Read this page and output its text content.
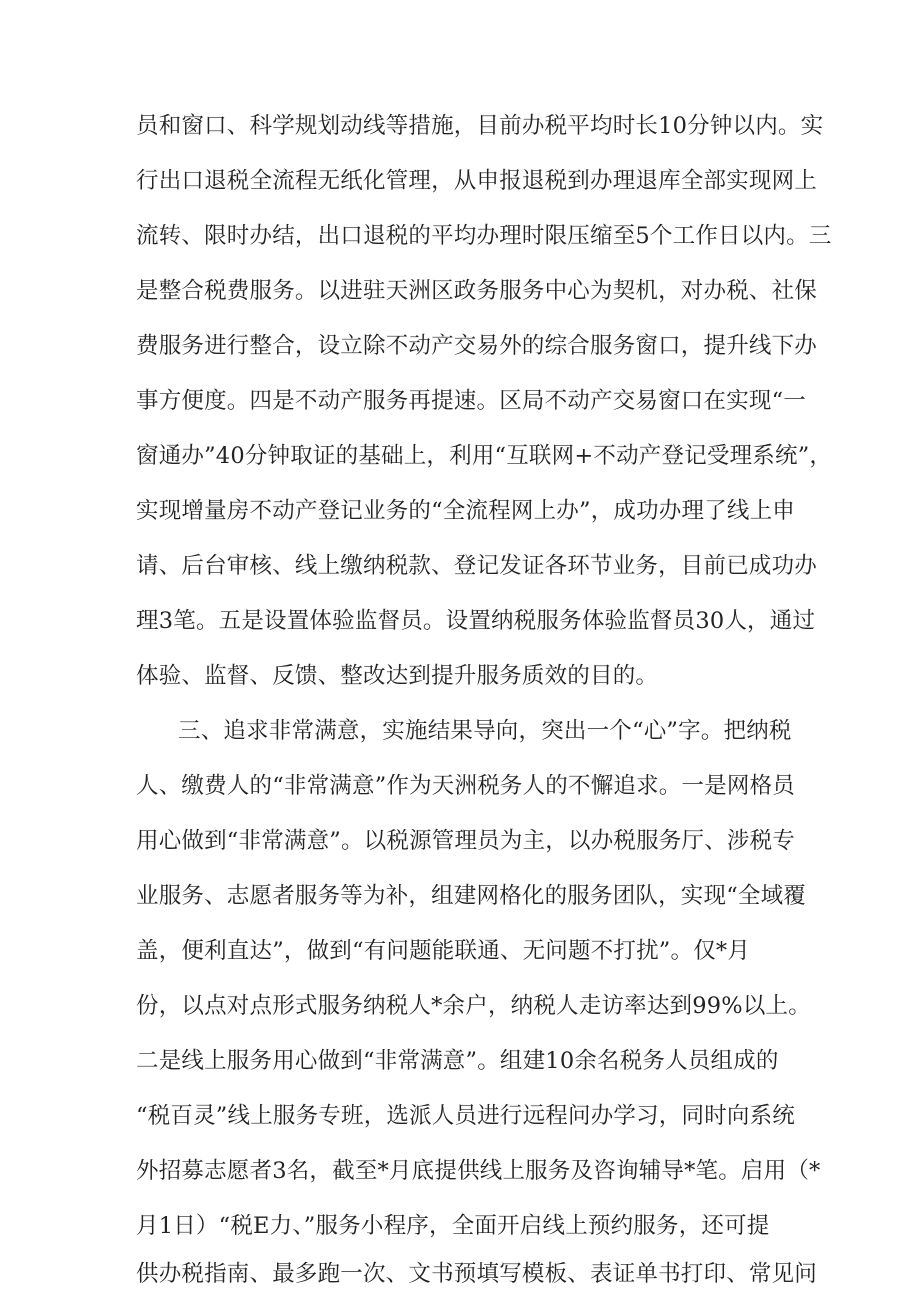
员和窗口、科学规划动线等措施，目前办税平均时长10分钟以内。实
行出口退税全流程无纸化管理，从申报退税到办理退库全部实现网上
流转、限时办结，出口退税的平均办理时限压缩至5个工作日以内。三
是整合税费服务。以进驻天洲区政务服务中心为契机，对办税、社保
费服务进行整合，设立除不动产交易外的综合服务窗口，提升线下办
事方便度。四是不动产服务再提速。区局不动产交易窗口在实现“一
窗通办”40分钟取证的基础上，利用“互联网+不动产登记受理系统”，
实现增量房不动产登记业务的“全流程网上办”，成功办理了线上申
请、后台审核、线上缴纳税款、登记发证各环节业务，目前已成功办
理3笔。五是设置体验监督员。设置纳税服务体验监督员30人，通过
体验、监督、反馈、整改达到提升服务质效的目的。
三、追求非常满意，实施结果导向，突出一个“心”字。把纳税
人、缴费人的“非常满意”作为天洲税务人的不懈追求。一是网格员
用心做到“非常满意”。以税源管理员为主，以办税服务厅、涉税专
业服务、志愿者服务等为补，组建网格化的服务团队，实现“全域覆
盖，便利直达”，做到“有问题能联通、无问题不打扰”。仅*月
份，以点对点形式服务纳税人*余户，纳税人走访率达到99%以上。
二是线上服务用心做到“非常满意”。组建10余名税务人员组成的
“税百灵”线上服务专班，选派人员进行远程问办学习，同时向系统
外招募志愿者3名，截至*月底提供线上服务及咨询辅导*笔。启用（*
月1日）“税E力、”服务小程序，全面开启线上预约服务，还可提
供办税指南、最多跑一次、文书预填写模板、表证单书打印、常见问
